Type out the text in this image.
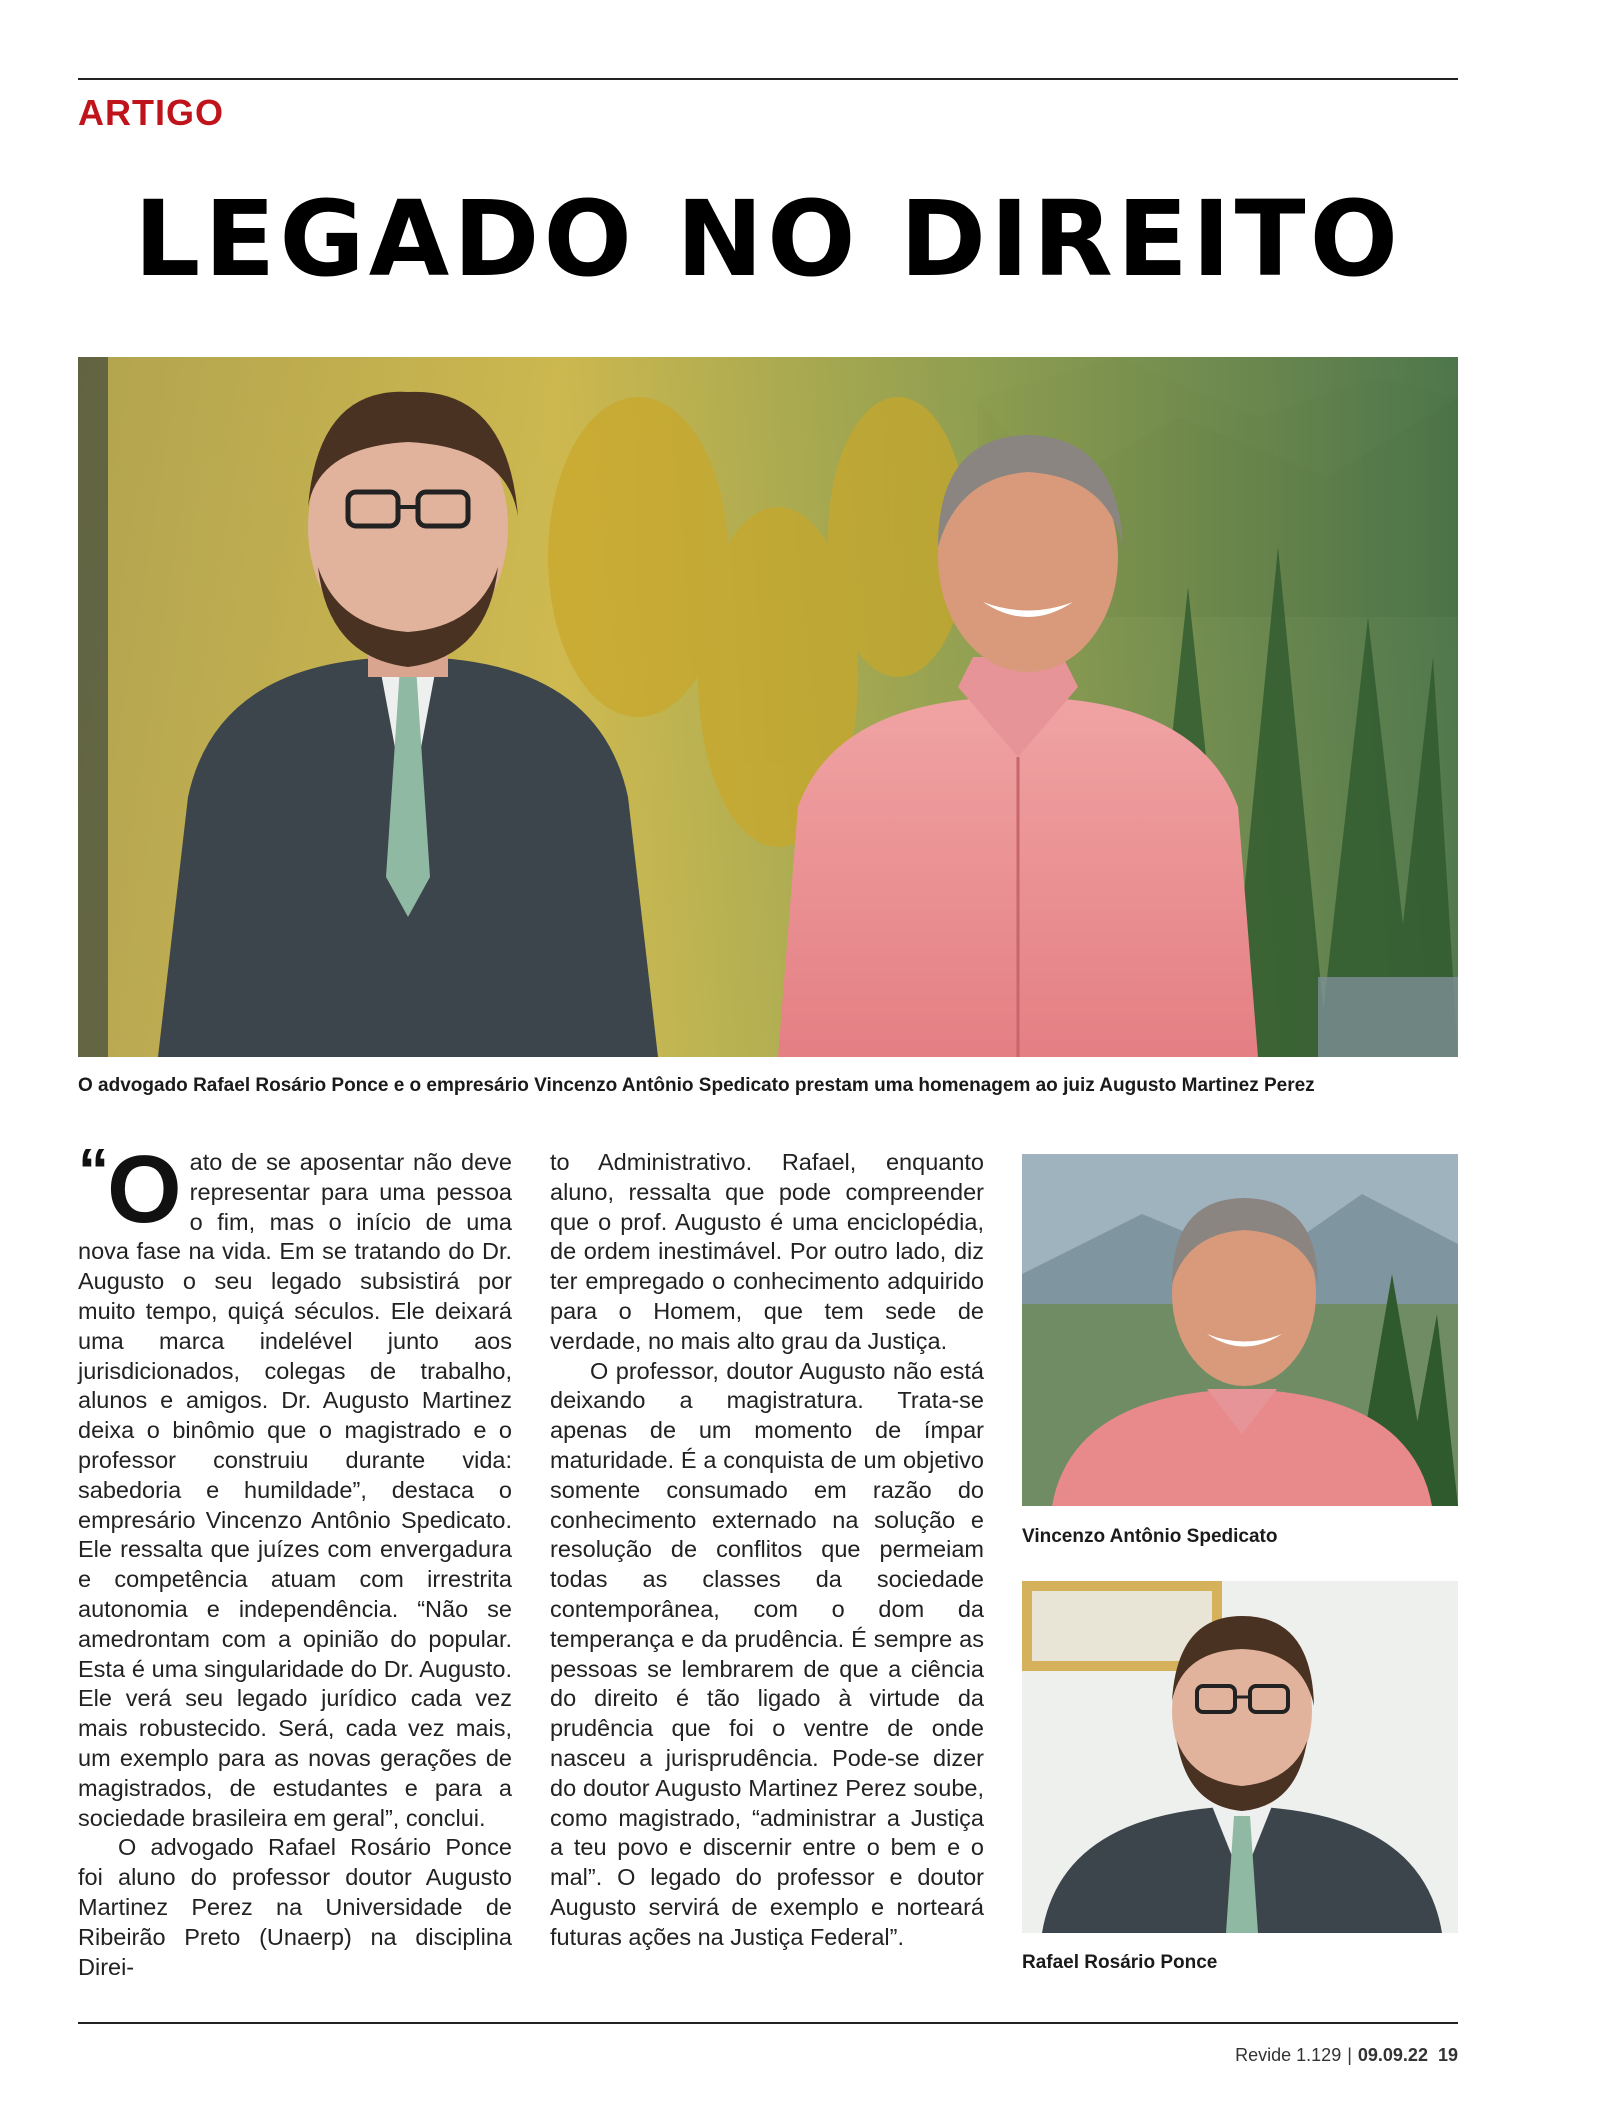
ARTIGO
LEGADO NO DIREITO
O advogado Rafael Rosário Ponce e o empresário Vincenzo Antônio Spedicato prestam uma homenagem ao juiz Augusto Martinez Perez

“O ato de se aposentar não deve representar para uma pessoa o fim, mas o início de uma nova fase na vida. Em se tratando do Dr. Augusto o seu legado subsistirá por muito tempo, quiçá séculos. Ele deixará uma marca indelével junto aos jurisdicionados, colegas de trabalho, alunos e amigos. Dr. Augusto Martinez deixa o binômio que o magistrado e o professor construiu durante vida: sabedoria e humildade”, destaca o empresário Vincenzo Antônio Spedicato. Ele ressalta que juízes com envergadura e competência atuam com irrestrita autonomia e independência. “Não se amedrontam com a opinião do popular. Esta é uma singularidade do Dr. Augusto. Ele verá seu legado jurídico cada vez mais robustecido. Será, cada vez mais, um exemplo para as novas gerações de magistrados, de estudantes e para a sociedade brasileira em geral”, conclui.

O advogado Rafael Rosário Ponce foi aluno do professor doutor Augusto Martinez Perez na Universidade de Ribeirão Preto (Unaerp) na disciplina Direi-

to Administrativo. Rafael, enquanto aluno, ressalta que pode compreender que o prof. Augusto é uma enciclopédia, de ordem inestimável. Por outro lado, diz ter empregado o conhecimento adquirido para o Homem, que tem sede de verdade, no mais alto grau da Justiça.

O professor, doutor Augusto não está deixando a magistratura. Trata-se apenas de um momento de ímpar maturidade. É a conquista de um objetivo somente consumado em razão do conhecimento externado na solução e resolução de conflitos que permeiam todas as classes da sociedade contemporânea, com o dom da temperança e da prudência. É sempre as pessoas se lembrarem de que a ciência do direito é tão ligado à virtude da prudência que foi o ventre de onde nasceu a jurisprudência. Pode-se dizer do doutor Augusto Martinez Perez soube, como magistrado, “administrar a Justiça a teu povo e discernir entre o bem e o mal”. O legado do professor e doutor Augusto servirá de exemplo e norteará futuras ações na Justiça Federal”.

Vincenzo Antônio Spedicato
Rafael Rosário Ponce
Revide 1.129 | 09.09.22 19
